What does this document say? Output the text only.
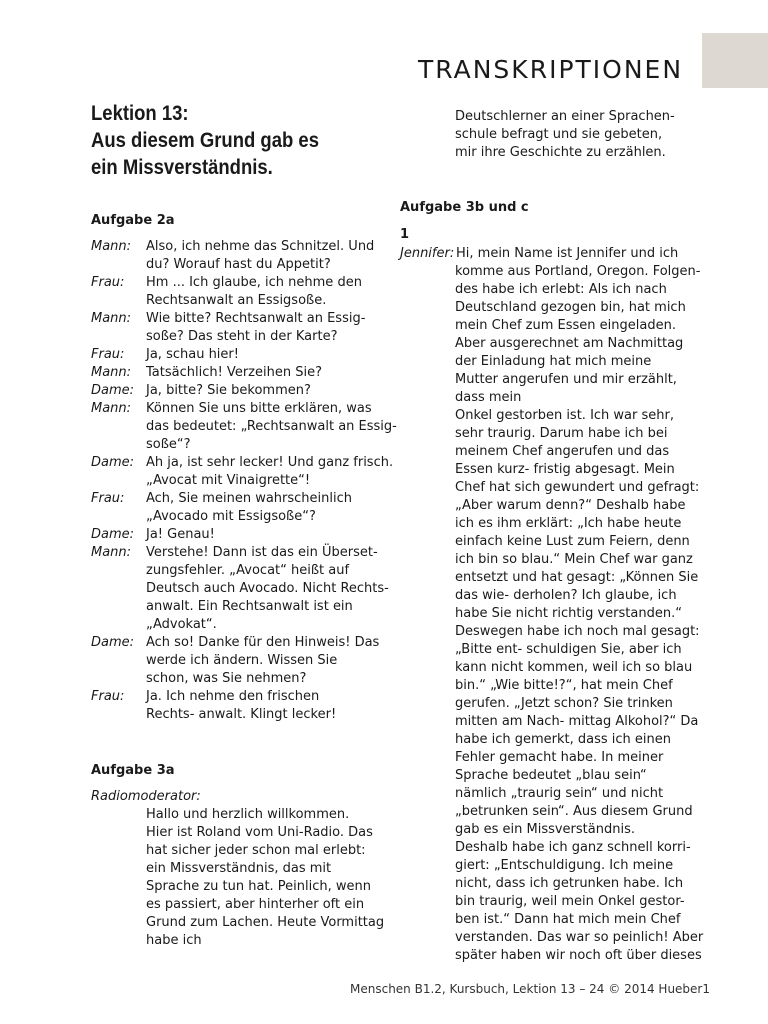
TRANSKRIPTIONEN
Lektion 13:
Aus diesem Grund gab es
ein Missverständnis.
Aufgabe 2a
Mann:	Also, ich nehme das Schnitzel. Und
du? Worauf hast du Appetit?
Frau:	Hm ... Ich glaube, ich nehme den
Rechtsanwalt an Essigsoße.
Mann:	Wie bitte? Rechtsanwalt an Essig-
soße? Das steht in der Karte?
Frau:	Ja, schau hier!
Mann:	Tatsächlich! Verzeihen Sie?
Dame: Ja, bitte? Sie bekommen?
Mann:	Können Sie uns bitte erklären, was
das bedeutet: „Rechtsanwalt an Essig-
soße“?
Dame: Ah ja, ist sehr lecker! Und ganz frisch.
„Avocat mit Vinaigrette“!
Frau:	Ach, Sie meinen wahrscheinlich
„Avocado mit Essigsoße“?
Dame: Ja! Genau!
Mann:	Verstehe! Dann ist das ein Überset-
zungsfehler. „Avocat“ heißt auf
Deutsch auch Avocado. Nicht Rechts-
anwalt. Ein Rechtsanwalt ist ein
„Advokat“.
Dame: Ach so! Danke für den Hinweis! Das
werde ich ändern. Wissen Sie
schon, was Sie nehmen?
Frau:	Ja. Ich nehme den frischen
Rechts- anwalt. Klingt lecker!
Aufgabe 3a
Radiomoderator:
Hallo und herzlich willkommen.
Hier ist Roland vom Uni-Radio. Das
hat sicher jeder schon mal erlebt:
ein Missverständnis, das mit
Sprache zu tun hat. Peinlich, wenn
es passiert, aber hinterher oft ein
Grund zum Lachen. Heute Vormittag
habe ich
Deutschlerner an einer Sprachen-
schule befragt und sie gebeten,
mir ihre Geschichte zu erzählen.
Aufgabe 3b und c
1
Jennifer: Hi, mein Name ist Jennifer und ich
komme aus Portland, Oregon. Folgen-
des habe ich erlebt: Als ich nach
Deutschland gezogen bin, hat mich
mein Chef zum Essen eingeladen.
Aber ausgerechnet am Nachmittag
der Einladung hat mich meine
Mutter angerufen und mir erzählt,
dass mein
Onkel gestorben ist. Ich war sehr,
sehr traurig. Darum habe ich bei
meinem Chef angerufen und das
Essen kurz- fristig abgesagt. Mein
Chef hat sich gewundert und gefragt:
„Aber warum denn?“ Deshalb habe
ich es ihm erklärt: „Ich habe heute
einfach keine Lust zum Feiern, denn
ich bin so blau.“ Mein Chef war ganz
entsetzt und hat gesagt: „Können Sie
das wie- derholen? Ich glaube, ich
habe Sie nicht richtig verstanden.“
Deswegen habe ich noch mal gesagt:
„Bitte ent- schuldigen Sie, aber ich
kann nicht kommen, weil ich so blau
bin.“ „Wie bitte!?“, hat mein Chef
gerufen. „Jetzt schon? Sie trinken
mitten am Nach- mittag Alkohol?“ Da
habe ich gemerkt, dass ich einen
Fehler gemacht habe. In meiner
Sprache bedeutet „blau sein“
nämlich „traurig sein“ und nicht
„betrunken sein“. Aus diesem Grund
gab es ein Missverständnis.
Deshalb habe ich ganz schnell korri-
giert: „Entschuldigung. Ich meine
nicht, dass ich getrunken habe. Ich
bin traurig, weil mein Onkel gestor-
ben ist.“ Dann hat mich mein Chef
verstanden. Das war so peinlich! Aber
später haben wir noch oft über dieses
Menschen B1.2, Kursbuch, Lektion 13 – 24 © 2014 Hueber 1
